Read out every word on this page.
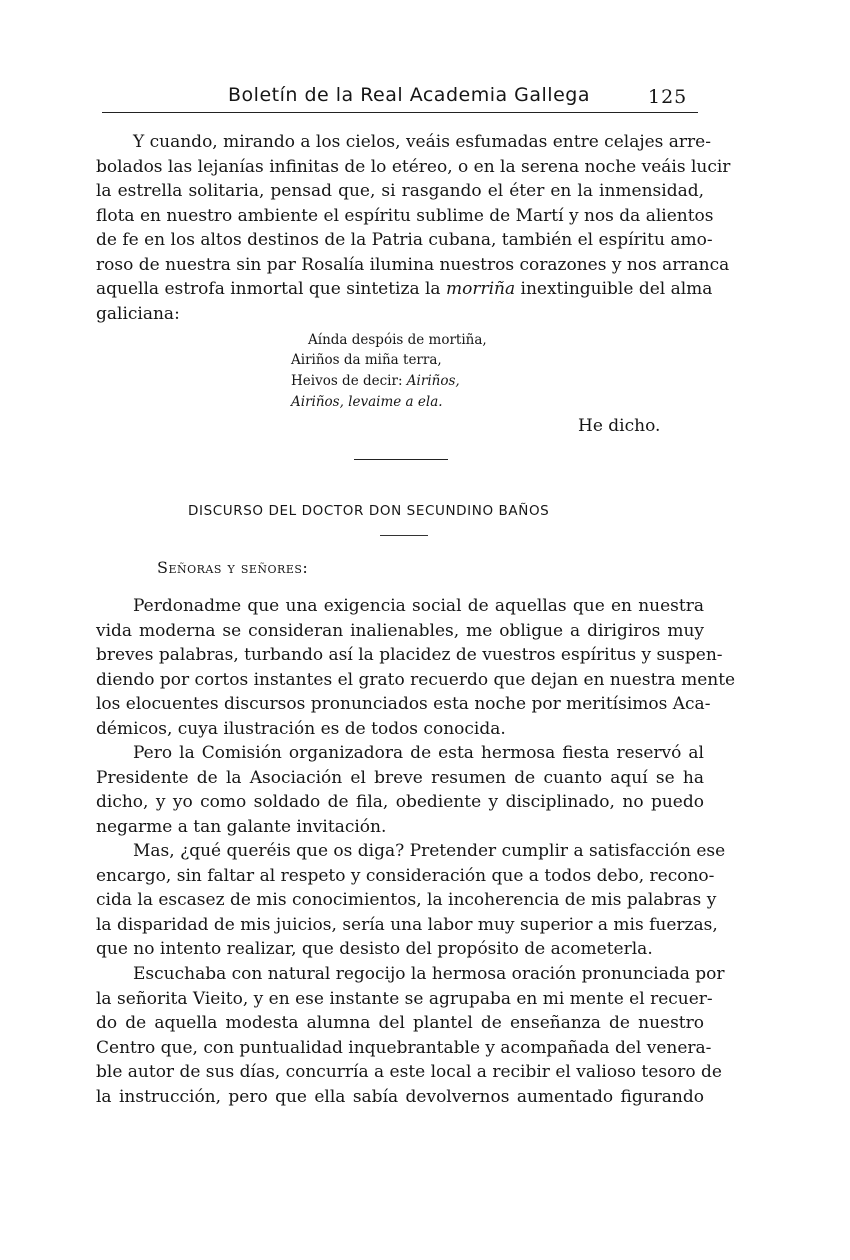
Boletín de la Real Academia Gallega	125
Y cuando, mirando a los cielos, veáis esfumadas entre celajes arre-
bolados las lejanías infinitas de lo etéreo, o en la serena noche veáis lucir
la estrella solitaria, pensad que, si rasgando el éter en la inmensidad,
flota en nuestro ambiente el espíritu sublime de Martí y nos da alientos
de fe en los altos destinos de la Patria cubana, también el espíritu amo-
roso de nuestra sin par Rosalía ilumina nuestros corazones y nos arranca
aquella estrofa inmortal que sintetiza la morriña inextinguible del alma
galiciana:
Aínda despóis de mortiña,
Airiños da miña terra,
Heivos de decir: Airiños,
Airiños, levaime a ela.
He dicho.
DISCURSO DEL DOCTOR DON SECUNDINO BAÑOS
Señoras y señores:
Perdonadme que una exigencia social de aquellas que en nuestra
vida moderna se consideran inalienables, me obligue a dirigiros muy
breves palabras, turbando así la placidez de vuestros espíritus y suspen-
diendo por cortos instantes el grato recuerdo que dejan en nuestra mente
los elocuentes discursos pronunciados esta noche por meritísimos Aca-
démicos, cuya ilustración es de todos conocida.
Pero la Comisión organizadora de esta hermosa fiesta reservó al
Presidente de la Asociación el breve resumen de cuanto aquí se ha
dicho, y yo como soldado de fila, obediente y disciplinado, no puedo
negarme a tan galante invitación.
Mas, ¿qué queréis que os diga? Pretender cumplir a satisfacción ese
encargo, sin faltar al respeto y consideración que a todos debo, recono-
cida la escasez de mis conocimientos, la incoherencia de mis palabras y
la disparidad de mis juicios, sería una labor muy superior a mis fuerzas,
que no intento realizar, que desisto del propósito de acometerla.
Escuchaba con natural regocijo la hermosa oración pronunciada por
la señorita Vieito, y en ese instante se agrupaba en mi mente el recuer-
do de aquella modesta alumna del plantel de enseñanza de nuestro
Centro que, con puntualidad inquebrantable y acompañada del venera-
ble autor de sus días, concurría a este local a recibir el valioso tesoro de
la instrucción, pero que ella sabía devolvernos aumentado figurando
